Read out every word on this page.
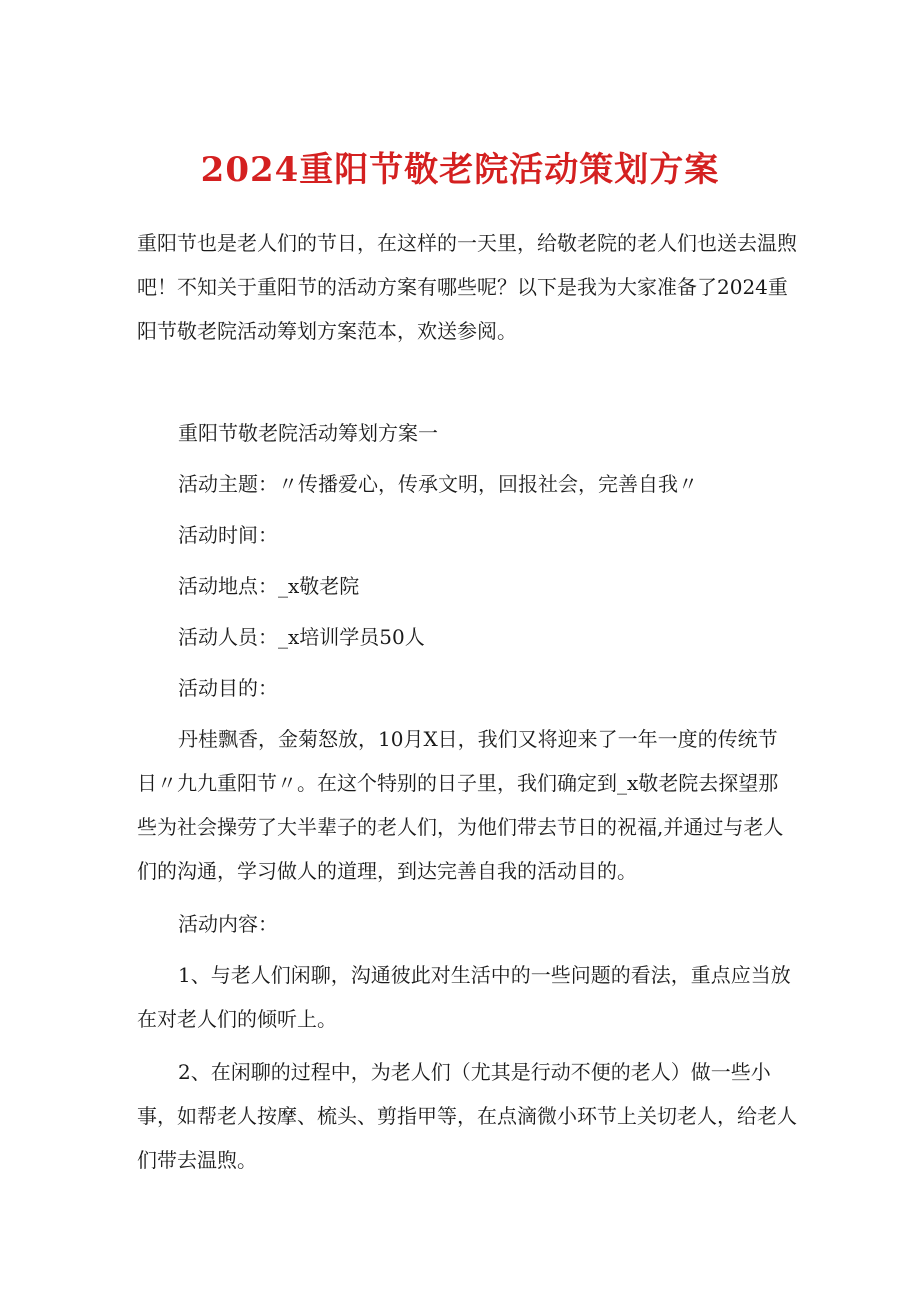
2024重阳节敬老院活动策划方案

重阳节也是老人们的节日，在这样的一天里，给敬老院的老人们也送去温煦吧！不知关于重阳节的活动方案有哪些呢？以下是我为大家准备了2024重阳节敬老院活动筹划方案范本，欢送参阅。

重阳节敬老院活动筹划方案一

活动主题：〃传播爱心，传承文明，回报社会，完善自我〃

活动时间：

活动地点：_x敬老院

活动人员：_x培训学员50人

活动目的：

丹桂飘香，金菊怒放，10月X日，我们又将迎来了一年一度的传统节日〃九九重阳节〃。在这个特别的日子里，我们确定到_x敬老院去探望那些为社会操劳了大半辈子的老人们，为他们带去节日的祝福,并通过与老人们的沟通，学习做人的道理，到达完善自我的活动目的。

活动内容：

1、与老人们闲聊，沟通彼此对生活中的一些问题的看法，重点应当放在对老人们的倾听上。

2、在闲聊的过程中，为老人们（尤其是行动不便的老人）做一些小事，如帮老人按摩、梳头、剪指甲等，在点滴微小环节上关切老人，给老人们带去温煦。
